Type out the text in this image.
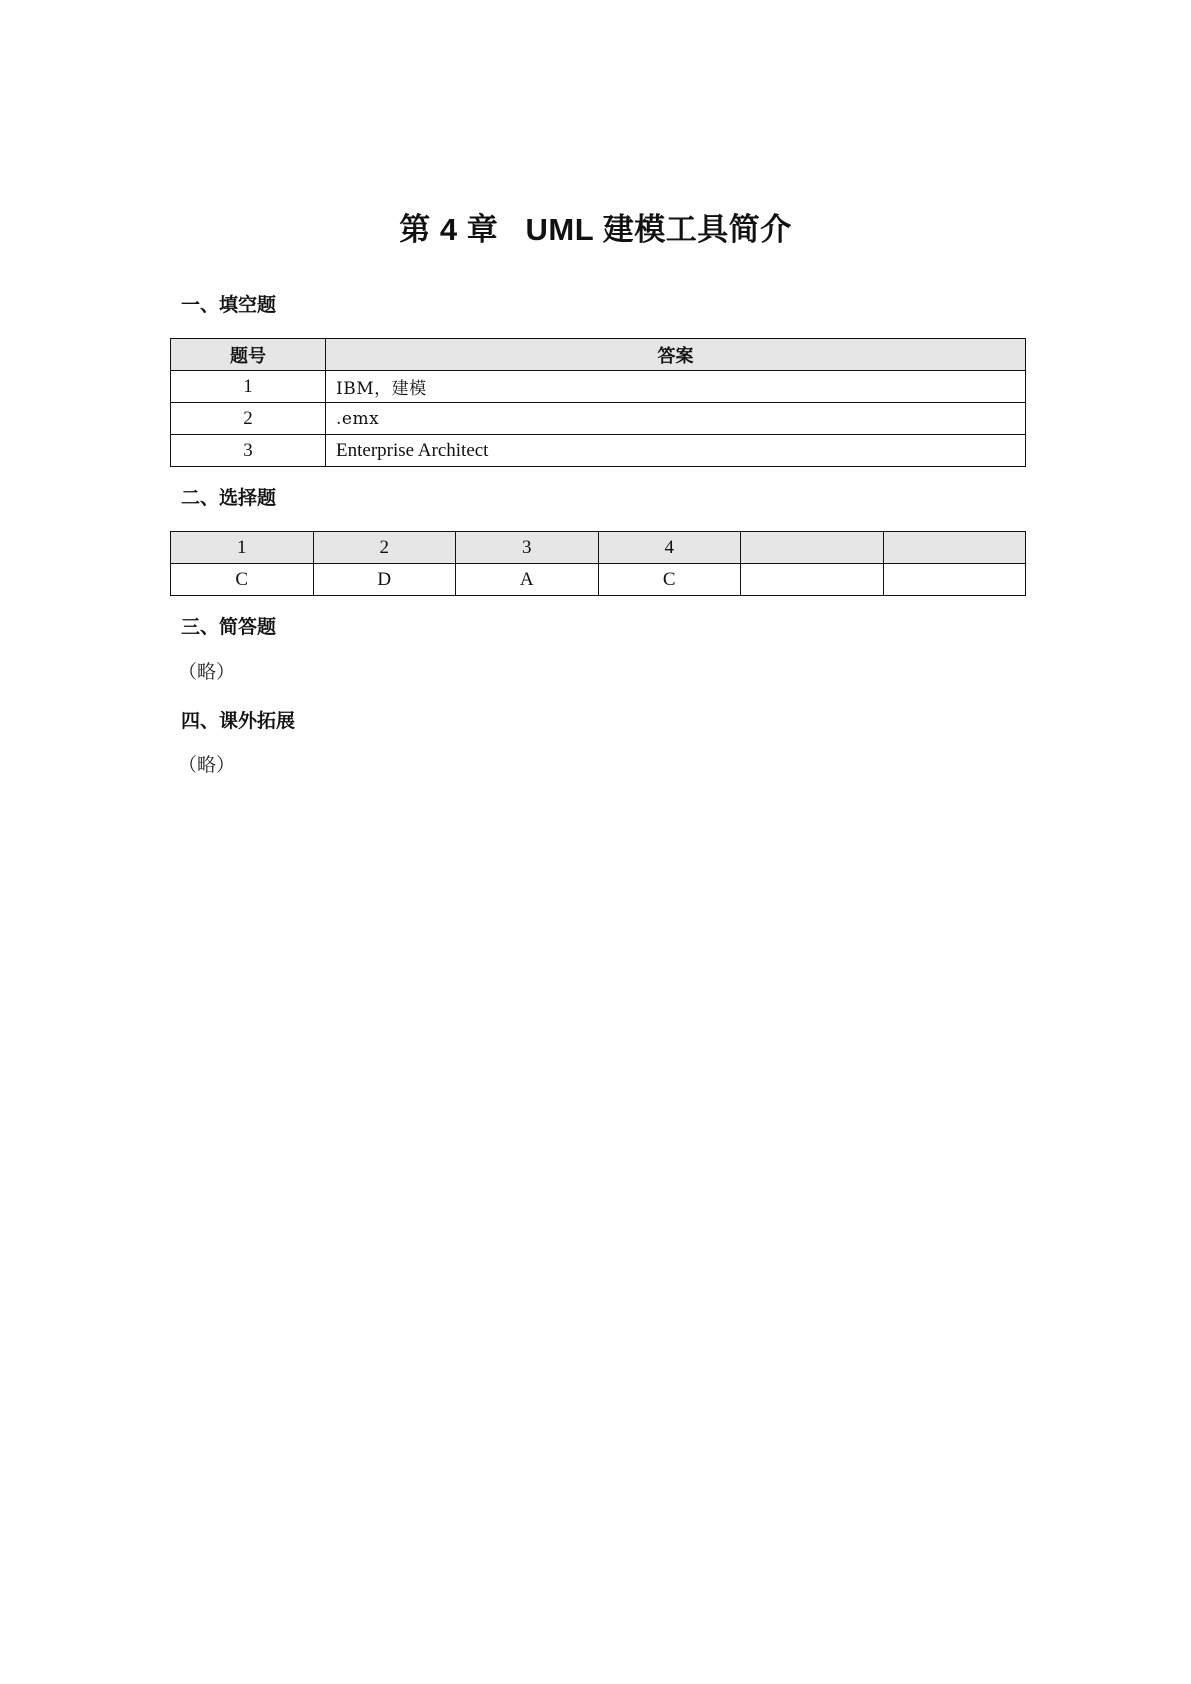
第 4 章   UML 建模工具简介
一、填空题
题号	答案
1	IBM，建模
2	.emx
3	Enterprise Architect
二、选择题
1	2	3	4		
C	D	A	C		
三、简答题
（略）
四、课外拓展
（略）
